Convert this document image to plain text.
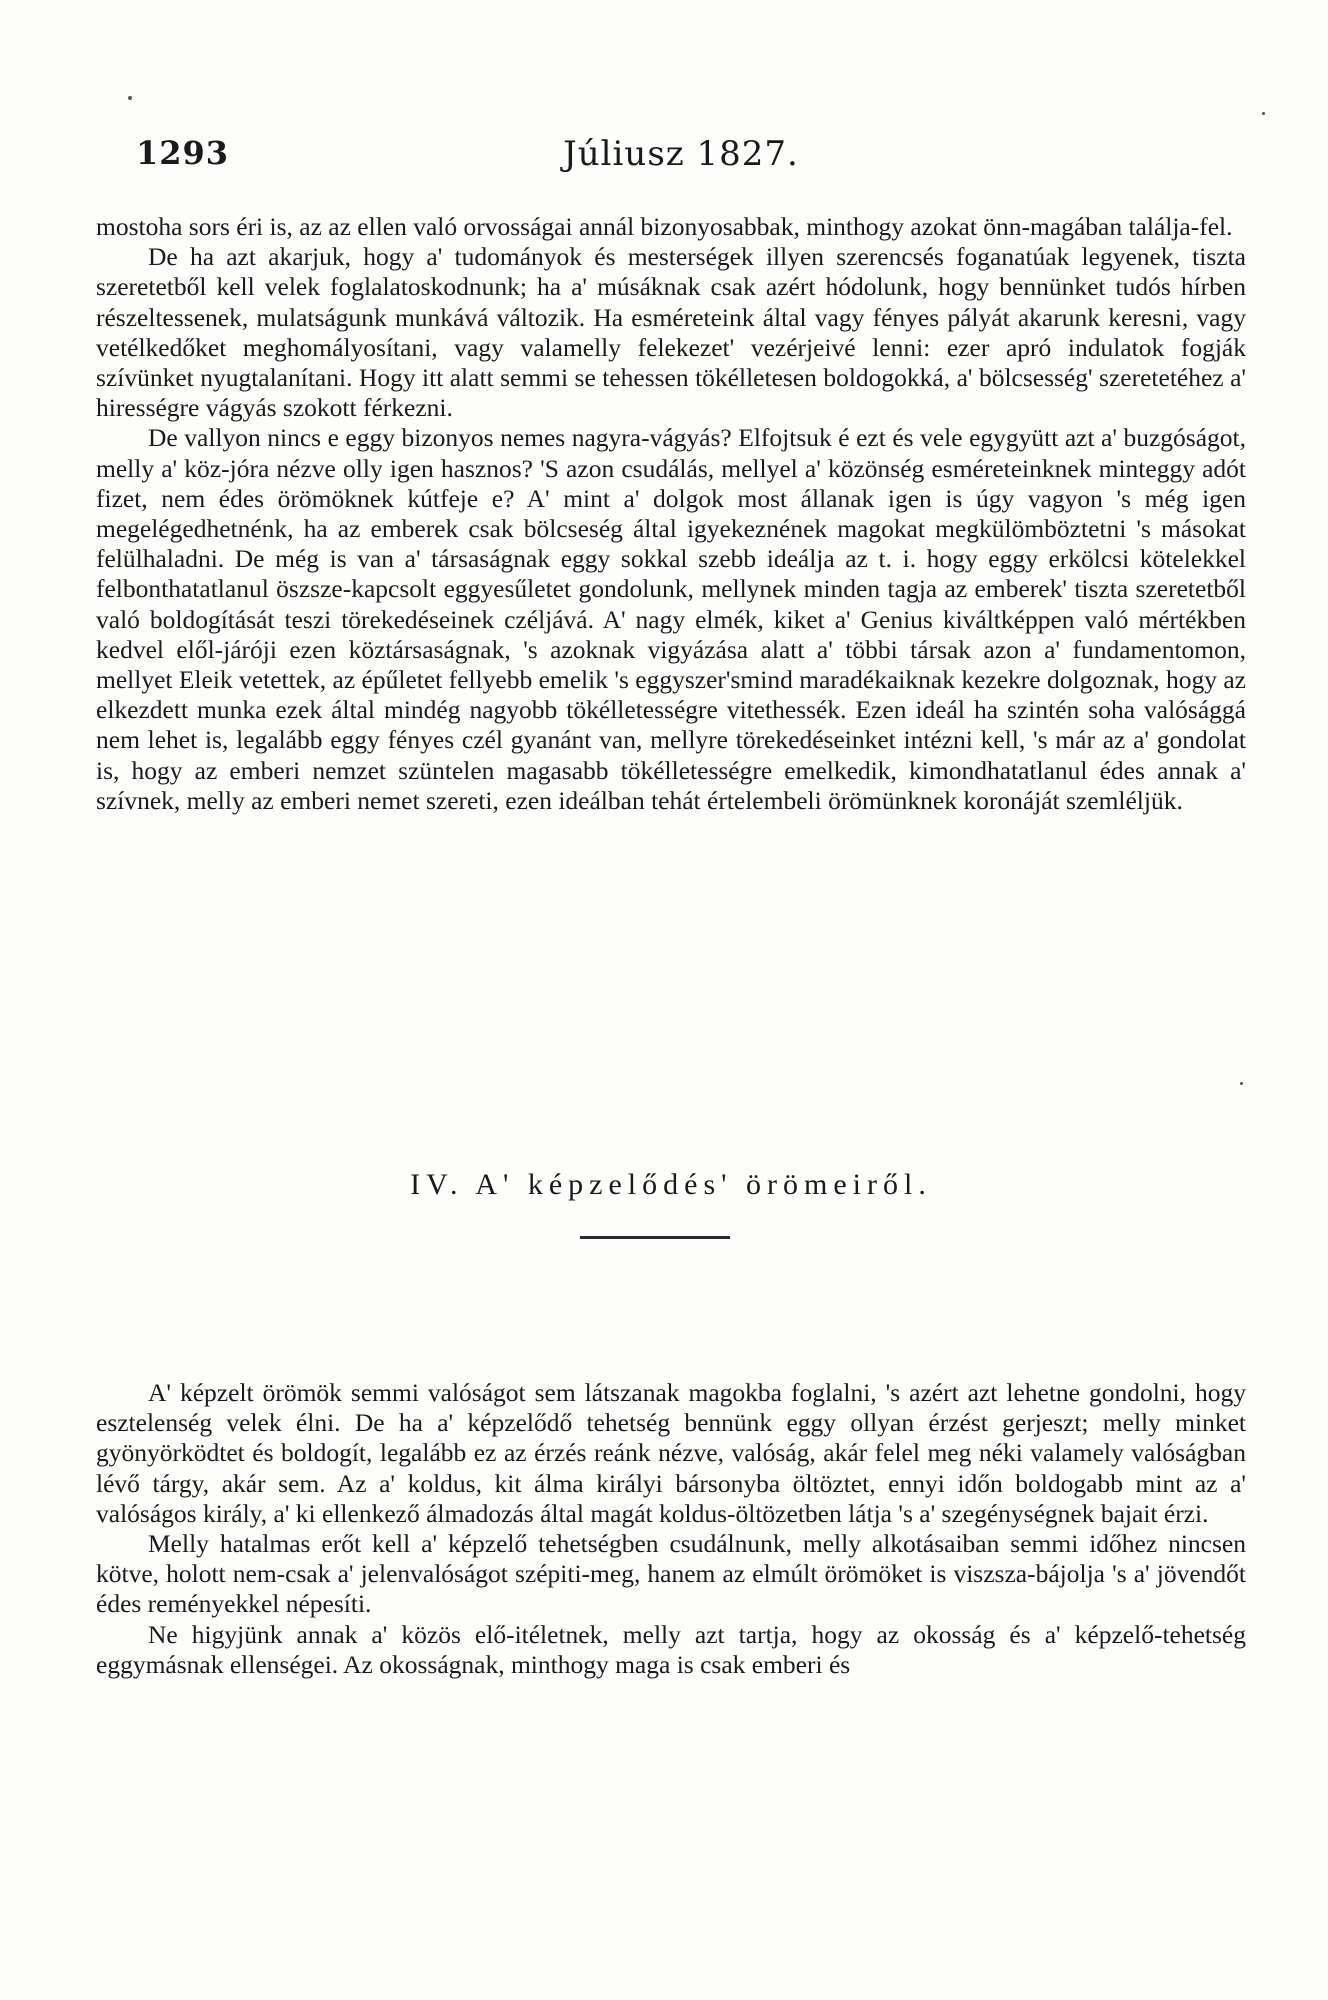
1293	Júliusz 1827.

mostoha sors éri is, az az ellen való orvosságai annál bizonyosabbak, minthogy azokat önn-magában találja-fel.

De ha azt akarjuk, hogy a' tudományok és mesterségek illyen szerencsés foganatúak legyenek, tiszta szeretetből kell velek foglalatoskodnunk; ha a' músáknak csak azért hódolunk, hogy bennünket tudós hírben részeltessenek, mulatságunk munkává változik. Ha esméreteink által vagy fényes pályát akarunk keresni, vagy vetélkedőket meghomályosítani, vagy valamelly felekezet' vezérjeivé lenni: ezer apró indulatok fogják szívünket nyugtalanítani. Hogy itt alatt semmi se tehessen tökélletesen boldogokká, a' bölcsesség' szeretetéhez a' hirességre vágyás szokott férkezni.

De vallyon nincs e eggy bizonyos nemes nagyra-vágyás? Elfojtsuk é ezt és vele egygyütt azt a' buzgóságot, melly a' köz-jóra nézve olly igen hasznos? 'S azon csudálás, mellyel a' közönség esméreteinknek minteggy adót fizet, nem édes örömöknek kútfeje e? A' mint a' dolgok most állanak igen is úgy vagyon 's még igen megelégedhetnénk, ha az emberek csak bölcseség által igyekeznének magokat megkülömböztetni 's másokat felülhaladni. De még is van a' társaságnak eggy sokkal szebb ideálja az t. i. hogy eggy erkölcsi kötelekkel felbonthatatlanul öszsze-kapcsolt eggyesűletet gondolunk, mellynek minden tagja az emberek' tiszta szeretetből való boldogítását teszi törekedéseinek czéljává. A' nagy elmék, kiket a' Genius kiváltképpen való mértékben kedvel elől-járóji ezen köztársaságnak, 's azoknak vigyázása alatt a' többi társak azon a' fundamentomon, mellyet Eleik vetettek, az épűletet fellyebb emelik 's eggyszer'smind maradékaiknak kezekre dolgoznak, hogy az elkezdett munka ezek által mindég nagyobb tökélletességre vitethessék. Ezen ideál ha szintén soha valósággá nem lehet is, legalább eggy fényes czél gyanánt van, mellyre törekedéseinket intézni kell, 's már az a' gondolat is, hogy az emberi nemzet szüntelen magasabb tökélletességre emelkedik, kimondhatatlanul édes annak a' szívnek, melly az emberi nemet szereti, ezen ideálban tehát értelembeli örömünknek koronáját szemléljük.

IV. A' képzelődés' örömeiről.

A' képzelt örömök semmi valóságot sem látszanak magokba foglalni, 's azért azt lehetne gondolni, hogy esztelenség velek élni. De ha a' képzelődő tehetség bennünk eggy ollyan érzést gerjeszt; melly minket gyönyörködtet és boldogít, legalább ez az érzés reánk nézve, valóság, akár felel meg néki valamely valóságban lévő tárgy, akár sem. Az a' koldus, kit álma királyi bársonyba öltöztet, ennyi időn boldogabb mint az a' valóságos király, a' ki ellenkező álmadozás által magát koldus-öltözetben látja 's a' szegénységnek bajait érzi.

Melly hatalmas erőt kell a' képzelő tehetségben csudálnunk, melly alkotásaiban semmi időhez nincsen kötve, holott nem-csak a' jelenvalóságot szépiti-meg, hanem az elmúlt örömöket is viszsza-bájolja 's a' jövendőt édes reményekkel népesíti.

Ne higyjünk annak a' közös elő-itéletnek, melly azt tartja, hogy az okosság és a' képzelő-tehetség eggymásnak ellenségei. Az okosságnak, minthogy maga is csak emberi és
